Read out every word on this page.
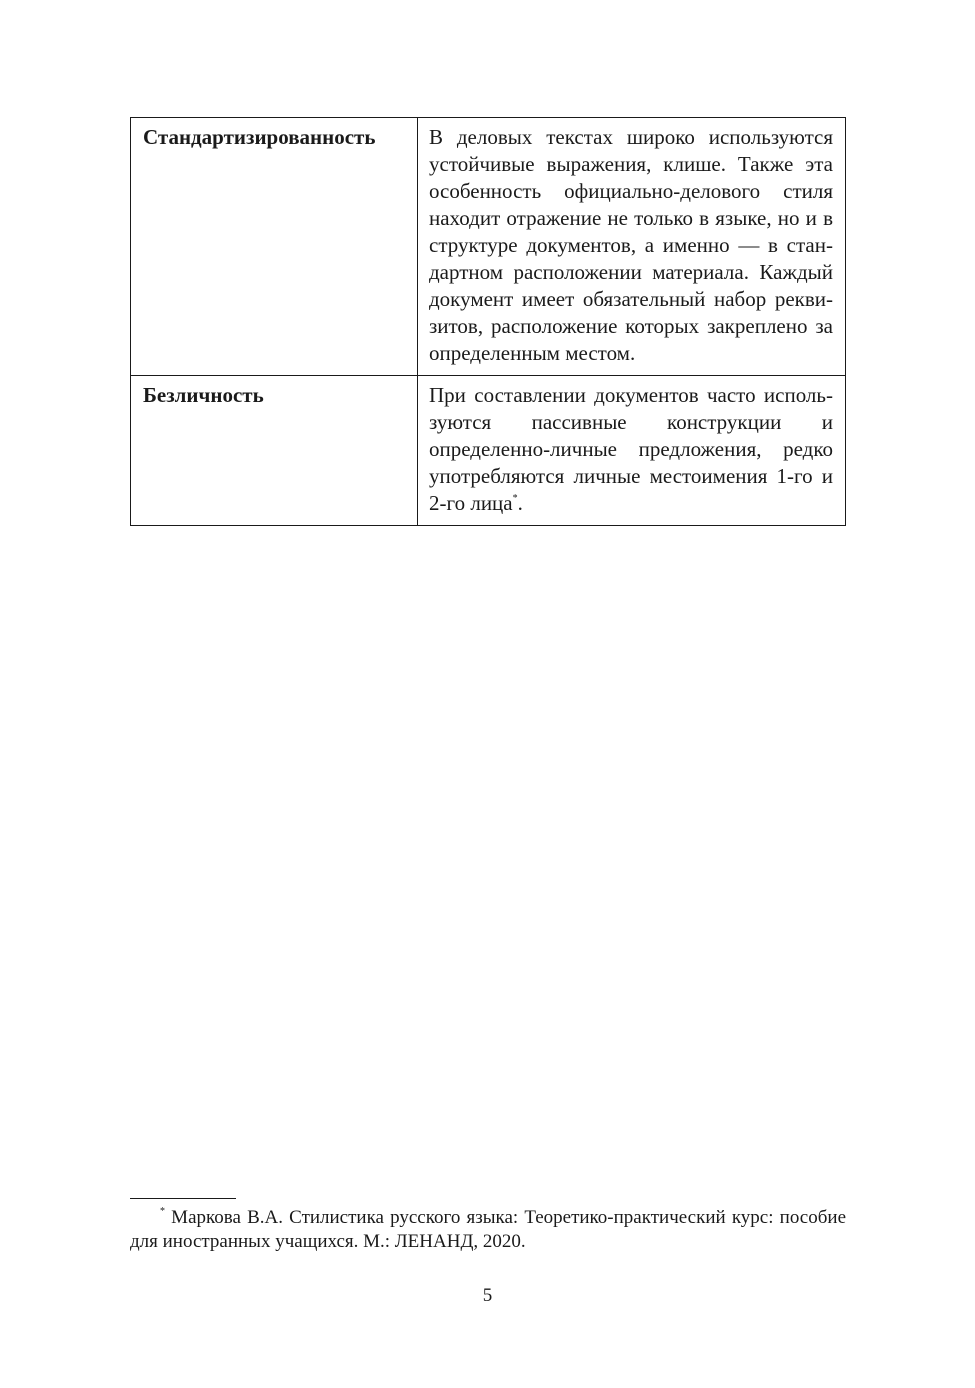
Стандартизированность	В деловых текстах широко используются устойчивые выражения, клише. Также эта особенность официально-делового стиля находит отражение не только в языке, но и в структуре документов, а именно — в стандартном расположении материала. Каждый документ имеет обязательный набор реквизитов, расположение которых закреплено за определенным местом.
Безличность	При составлении документов часто используются пассивные конструкции и определенно-личные предложения, редко употребляются личные местоимения 1-го и 2-го лица*.
* Маркова В.А. Стилистика русского языка: Теоретико-практический курс: пособие для иностранных учащихся. М.: ЛЕНАНД, 2020.
5
